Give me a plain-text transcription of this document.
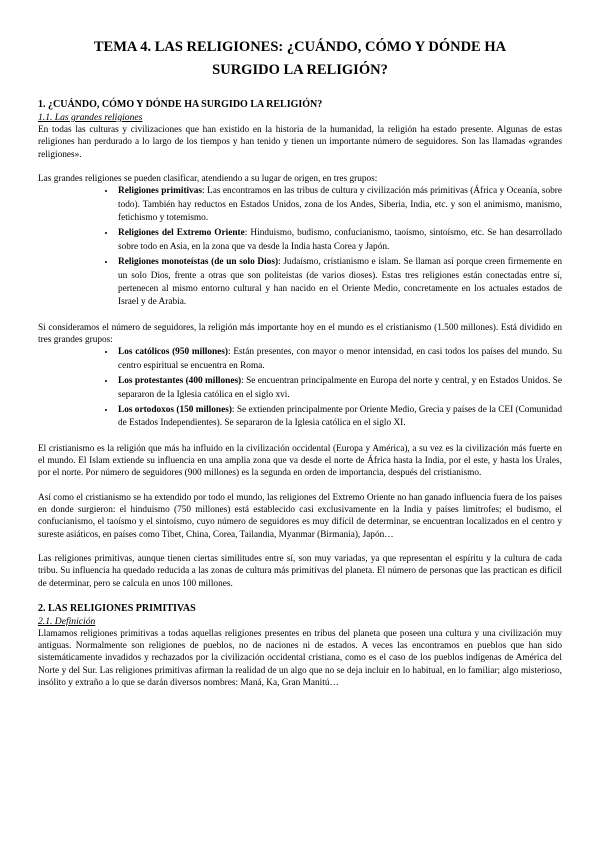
TEMA 4. LAS RELIGIONES: ¿CUÁNDO, CÓMO Y DÓNDE HA
SURGIDO LA RELIGIÓN?
1. ¿CUÁNDO, CÓMO Y DÓNDE HA SURGIDO LA RELIGIÓN?
1.1. Las grandes religiones

En todas las culturas y civilizaciones que han existido en la historia de la humanidad, la religión ha estado presente. Algunas de estas religiones han perdurado a lo largo de los tiempos y han tenido y tienen un importante número de seguidores. Son las llamadas «grandes religiones».

Las grandes religiones se pueden clasificar, atendiendo a su lugar de origen, en tres grupos:

• Religiones primitivas: Las encontramos en las tribus de cultura y civilización más primitivas (África y Oceanía, sobre todo). También hay reductos en Estados Unidos, zona de los Andes, Siberia, India, etc. y son el animismo, manismo, fetichismo y totemismo.
• Religiones del Extremo Oriente: Hinduismo, budismo, confucianismo, taoísmo, sintoísmo, etc. Se han desarrollado sobre todo en Asia, en la zona que va desde la India hasta Corea y Japón.
• Religiones monoteístas (de un solo Dios): Judaísmo, cristianismo e islam. Se llaman así porque creen firmemente en un solo Dios, frente a otras que son politeístas (de varios dioses). Estas tres religiones están conectadas entre sí, pertenecen al mismo entorno cultural y han nacido en el Oriente Medio, concretamente en los actuales estados de Israel y de Arabia.

Si consideramos el número de seguidores, la religión más importante hoy en el mundo es el cristianismo (1.500 millones). Está dividido en tres grandes grupos:

• Los católicos (950 millones): Están presentes, con mayor o menor intensidad, en casi todos los países del mundo. Su centro espiritual se encuentra en Roma.
• Los protestantes (400 millones): Se encuentran principalmente en Europa del norte y central, y en Estados Unidos. Se separaron de la Iglesia católica en el siglo xvi.
• Los ortodoxos (150 millones): Se extienden principalmente por Oriente Medio, Grecia y países de la CEI (Comunidad de Estados Independientes). Se separaron de la Iglesia católica en el siglo XI.

El cristianismo es la religión que más ha influido en la civilización occidental (Europa y América), a su vez es la civilización más fuerte en el mundo. El Islam extiende su influencia en una amplia zona que va desde el norte de África hasta la India, por el este, y hasta los Urales, por el norte. Por número de seguidores (900 millones) es la segunda en orden de importancia, después del cristianismo.

Así como el cristianismo se ha extendido por todo el mundo, las religiones del Extremo Oriente no han ganado influencia fuera de los países en donde surgieron: el hinduismo (750 millones) está establecido casi exclusivamente en la India y países limítrofes; el budismo, el confucianismo, el taoísmo y el sintoísmo, cuyo número de seguidores es muy difícil de determinar, se encuentran localizados en el centro y sureste asiáticos, en países como Tíbet, China, Corea, Tailandia, Myanmar (Birmania), Japón…

Las religiones primitivas, aunque tienen ciertas similitudes entre sí, son muy variadas, ya que representan el espíritu y la cultura de cada tribu. Su influencia ha quedado reducida a las zonas de cultura más primitivas del planeta. El número de personas que las practican es difícil de determinar, pero se calcula en unos 100 millones.

2. LAS RELIGIONES PRIMITIVAS
2.1. Definición

Llamamos religiones primitivas a todas aquellas religiones presentes en tribus del planeta que poseen una cultura y una civilización muy antiguas. Normalmente son religiones de pueblos, no de naciones ni de estados. A veces las encontramos en pueblos que han sido sistemáticamente invadidos y rechazados por la civilización occidental cristiana, como es el caso de los pueblos indígenas de América del Norte y del Sur. Las religiones primitivas afirman la realidad de un algo que no se deja incluir en lo habitual, en lo familiar; algo misterioso, insólito y extraño a lo que se darán diversos nombres: Maná, Ka, Gran Manitú…
